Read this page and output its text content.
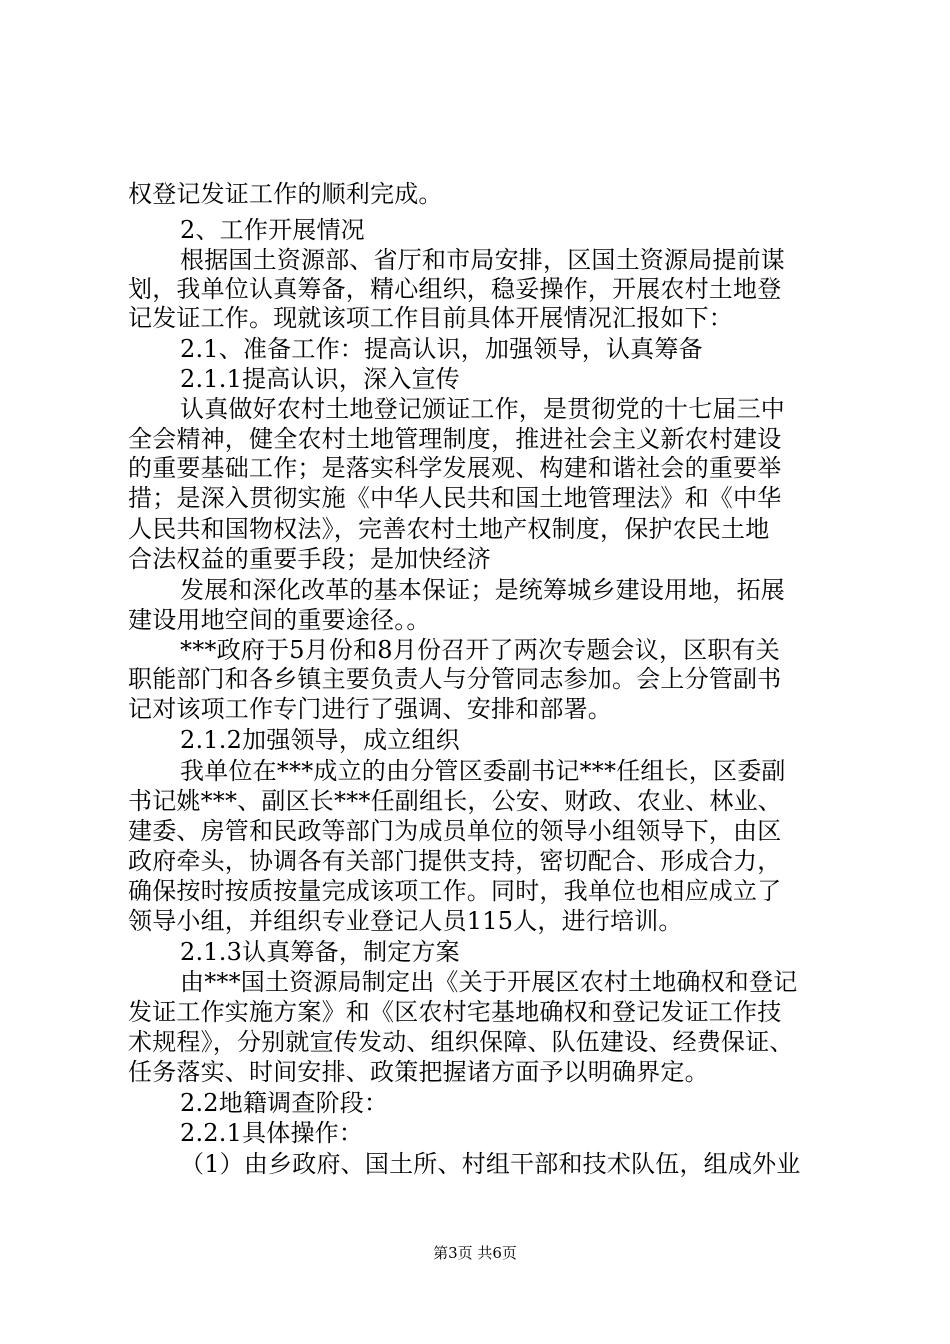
权登记发证工作的顺利完成。
2、工作开展情况
根据国土资源部、省厅和市局安排，区国土资源局提前谋
划，我单位认真筹备，精心组织，稳妥操作，开展农村土地登
记发证工作。现就该项工作目前具体开展情况汇报如下：
2.1、准备工作：提高认识，加强领导，认真筹备
2.1.1提高认识，深入宣传
认真做好农村土地登记颁证工作，是贯彻党的十七届三中
全会精神，健全农村土地管理制度，推进社会主义新农村建设
的重要基础工作；是落实科学发展观、构建和谐社会的重要举
措；是深入贯彻实施《中华人民共和国土地管理法》和《中华
人民共和国物权法》，完善农村土地产权制度，保护农民土地
合法权益的重要手段；是加快经济
发展和深化改革的基本保证；是统筹城乡建设用地，拓展
建设用地空间的重要途径。。
***政府于5月份和8月份召开了两次专题会议，区职有关
职能部门和各乡镇主要负责人与分管同志参加。会上分管副书
记对该项工作专门进行了强调、安排和部署。
2.1.2加强领导，成立组织
我单位在***成立的由分管区委副书记***任组长，区委副
书记姚***、副区长***任副组长，公安、财政、农业、林业、
建委、房管和民政等部门为成员单位的领导小组领导下，由区
政府牵头，协调各有关部门提供支持，密切配合、形成合力，
确保按时按质按量完成该项工作。同时，我单位也相应成立了
领导小组，并组织专业登记人员115人，进行培训。
2.1.3认真筹备，制定方案
由***国土资源局制定出《关于开展区农村土地确权和登记
发证工作实施方案》和《区农村宅基地确权和登记发证工作技
术规程》，分别就宣传发动、组织保障、队伍建设、经费保证、
任务落实、时间安排、政策把握诸方面予以明确界定。
2.2地籍调查阶段：
2.2.1具体操作：
（1）由乡政府、国土所、村组干部和技术队伍，组成外业
第3页 共6页
